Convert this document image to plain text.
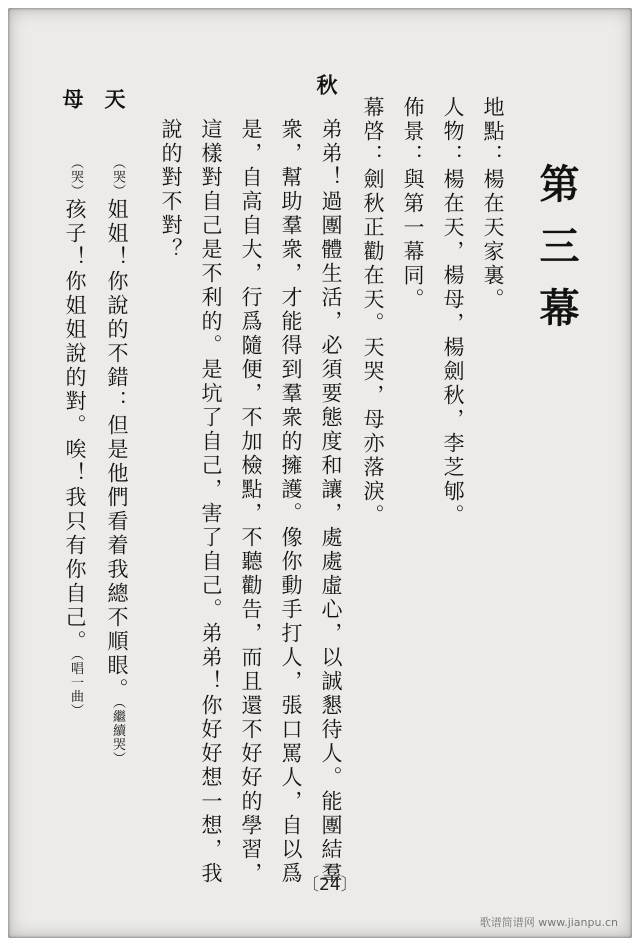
第三幕
地點：楊在天家裏。
人物：楊在天，楊母，楊劍秋，李芝郇。
佈景：與第一幕同。
幕啓：劍秋正勸在天。天哭，母亦落淚。
秋
弟弟！過團體生活，必須要態度和讓，處處虛心，以誠懇待人。能團結羣
衆，幫助羣衆，才能得到羣衆的擁護。像你動手打人，張口罵人，自以爲
是，自高自大，行爲隨便，不加檢點，不聽勸告，而且還不好好的學習，
這樣對自己是不利的。是坑了自己，害了自己。弟弟！你好好想一想，我
說的對不對？
天
（哭）姐姐！你說的不錯：但是他們看着我總不順眼。（繼續哭）
母
（哭）孩子！你姐姐說的對。唉！我只有你自己。（唱一曲）
〔24〕
歌谱简谱网 www.jianpu.cn
